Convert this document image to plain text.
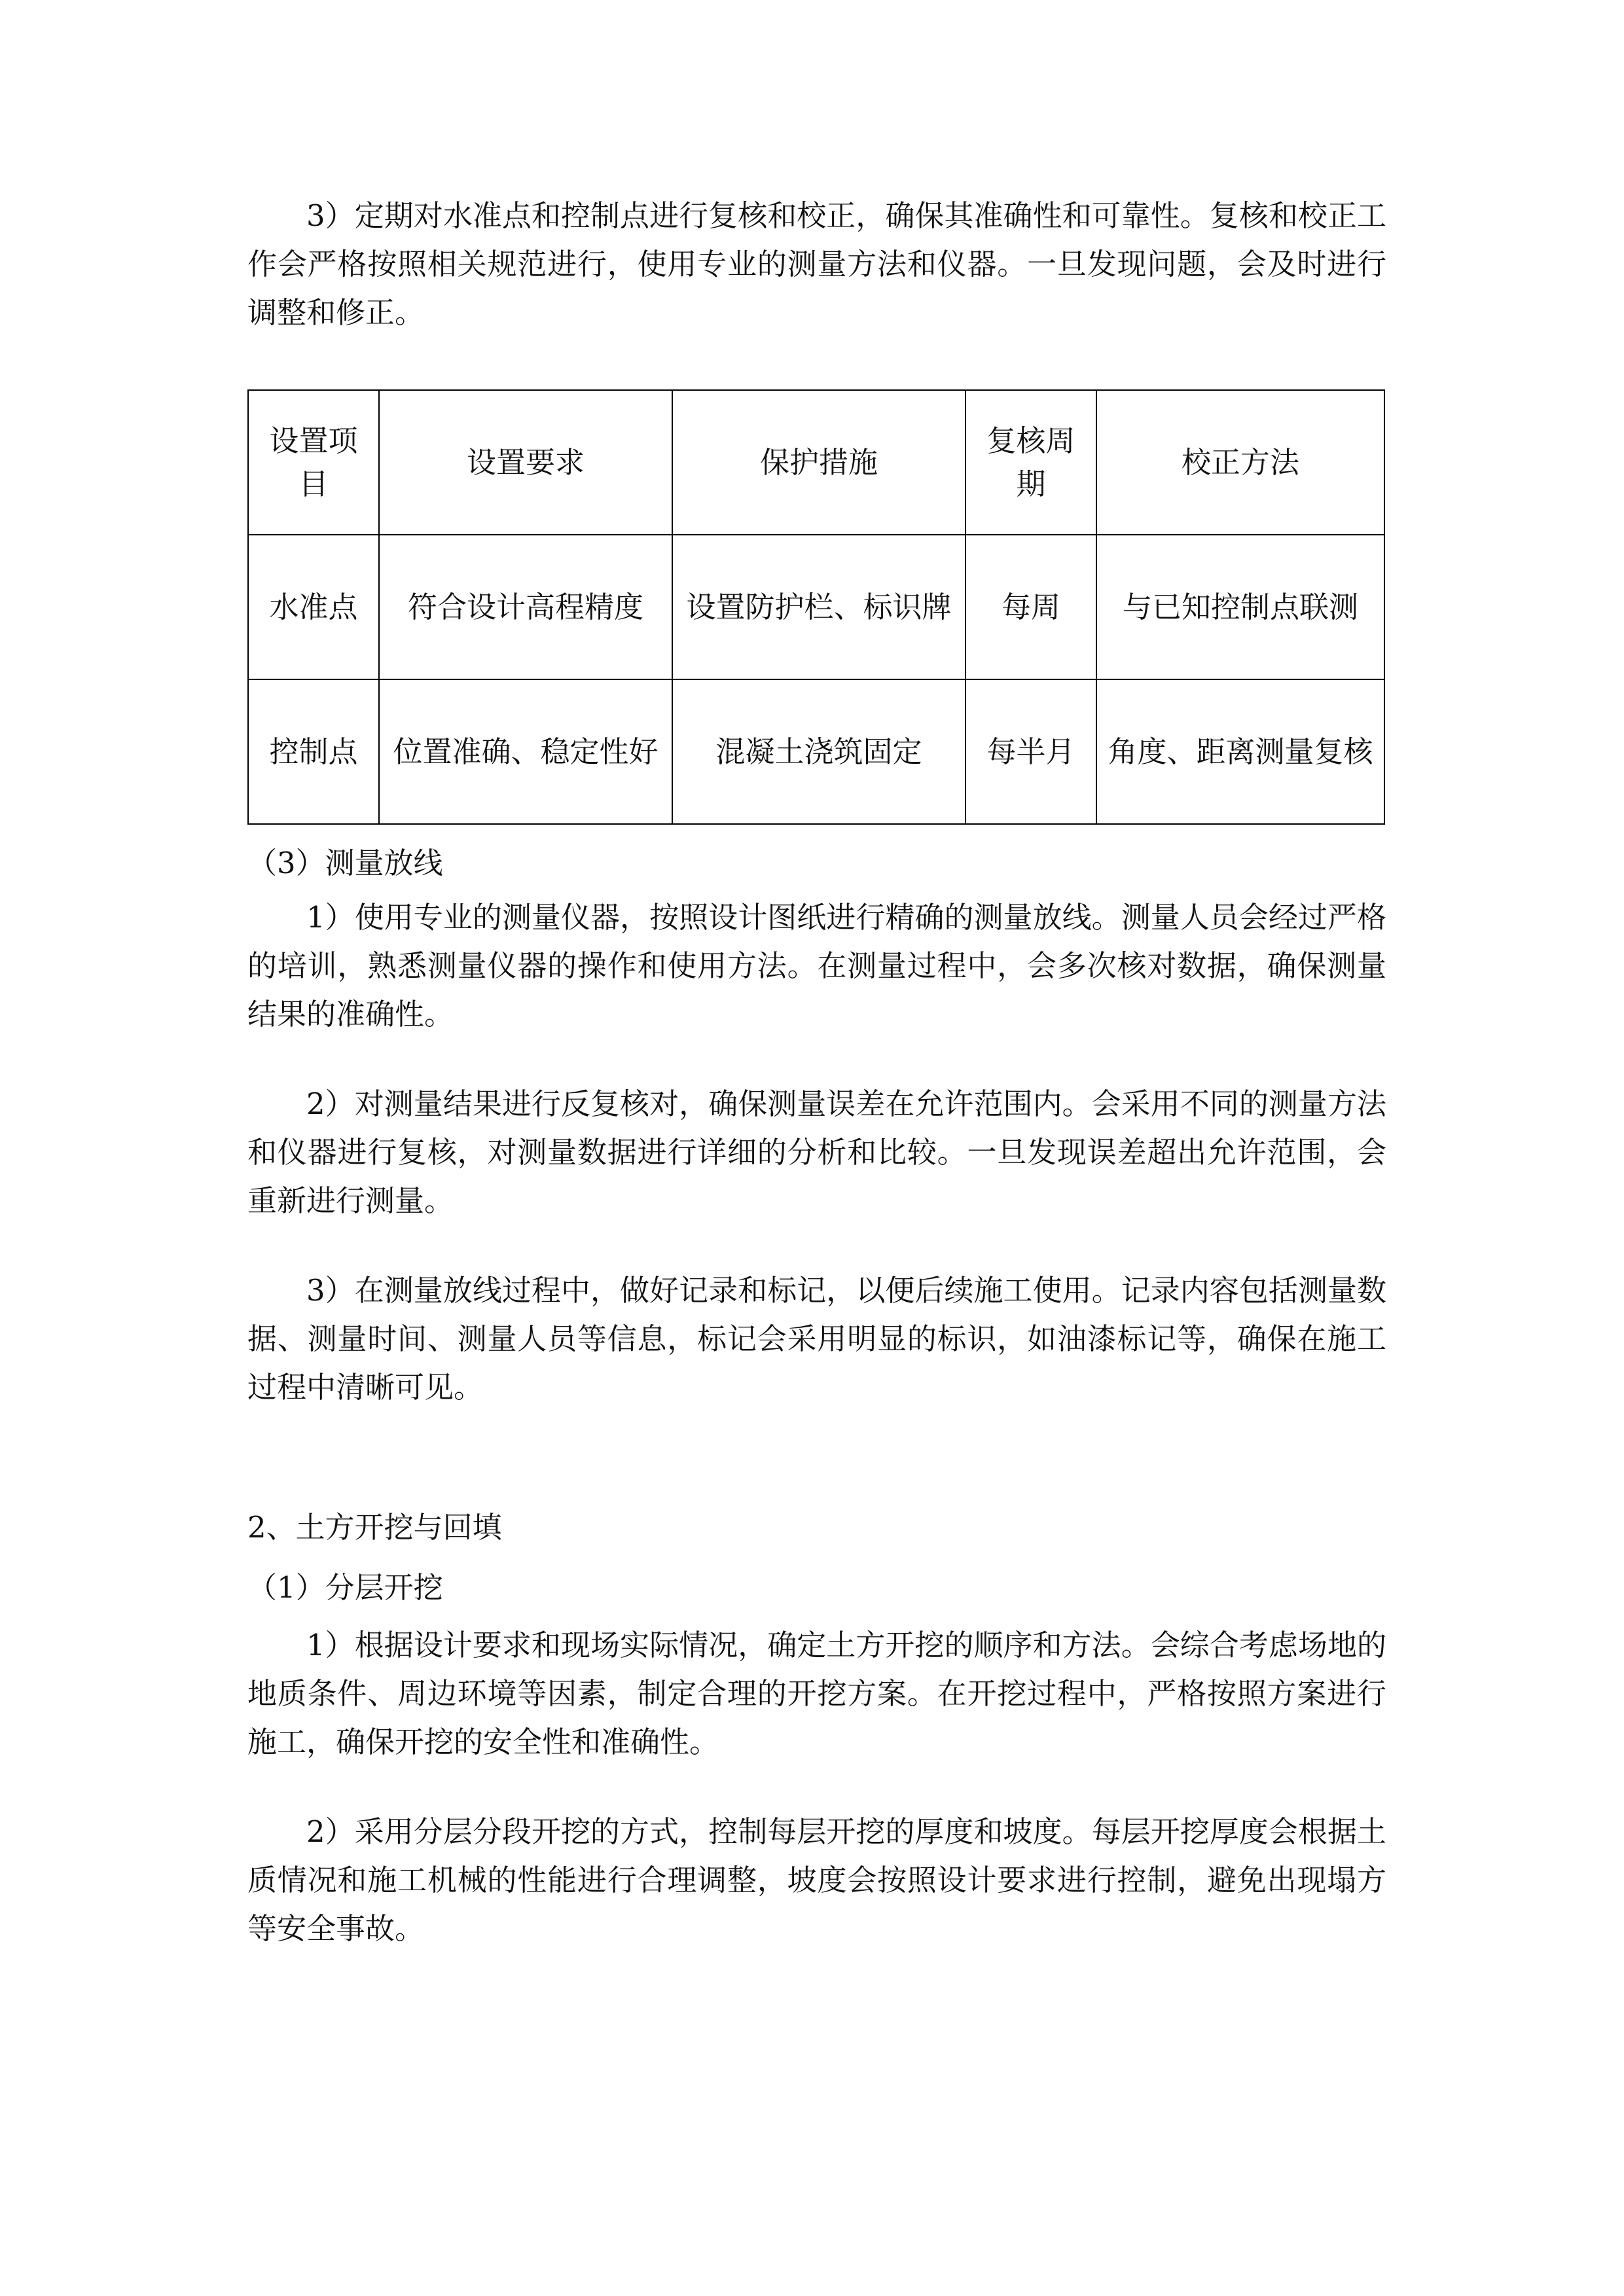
3）定期对水准点和控制点进行复核和校正，确保其准确性和可靠性。复核和校正工作会严格按照相关规范进行，使用专业的测量方法和仪器。一旦发现问题，会及时进行调整和修正。

设置项目	设置要求	保护措施	复核周期	校正方法
水准点	符合设计高程精度	设置防护栏、标识牌	每周	与已知控制点联测
控制点	位置准确、稳定性好	混凝土浇筑固定	每半月	角度、距离测量复核

（3）测量放线

1）使用专业的测量仪器，按照设计图纸进行精确的测量放线。测量人员会经过严格的培训，熟悉测量仪器的操作和使用方法。在测量过程中，会多次核对数据，确保测量结果的准确性。

2）对测量结果进行反复核对，确保测量误差在允许范围内。会采用不同的测量方法和仪器进行复核，对测量数据进行详细的分析和比较。一旦发现误差超出允许范围，会重新进行测量。

3）在测量放线过程中，做好记录和标记，以便后续施工使用。记录内容包括测量数据、测量时间、测量人员等信息，标记会采用明显的标识，如油漆标记等，确保在施工过程中清晰可见。

2、土方开挖与回填

（1）分层开挖

1）根据设计要求和现场实际情况，确定土方开挖的顺序和方法。会综合考虑场地的地质条件、周边环境等因素，制定合理的开挖方案。在开挖过程中，严格按照方案进行施工，确保开挖的安全性和准确性。

2）采用分层分段开挖的方式，控制每层开挖的厚度和坡度。每层开挖厚度会根据土质情况和施工机械的性能进行合理调整，坡度会按照设计要求进行控制，避免出现塌方等安全事故。
